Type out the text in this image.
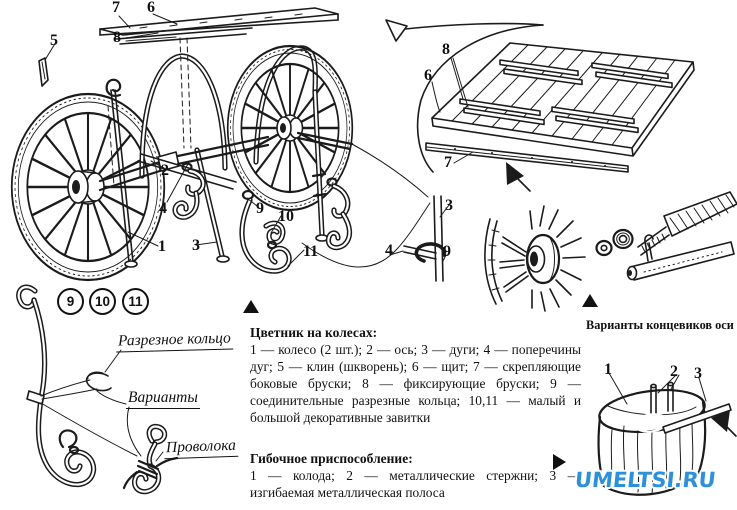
5
7 6
8
2
4
1 3
9 10
11
8
6
7
3
4	9
1	2 3
9	10	11
Разрезное кольцо
Варианты
Проволока
Цветник на колесах:
1 — колесо (2 шт.); 2 — ось; 3 — дуги; 4 — поперечины дуг; 5 — клин (шкворень); 6 — щит; 7 — скрепляющие боковые бруски; 8 — фиксирующие бруски; 9 — соединительные разрезные кольца; 10,11 — малый и большой декоративные завитки
Гибочное приспособление:
1 — колода; 2 — металлические стержни; 3 — изгибаемая металлическая полоса
Варианты концевиков оси
UMELTSI.RU
